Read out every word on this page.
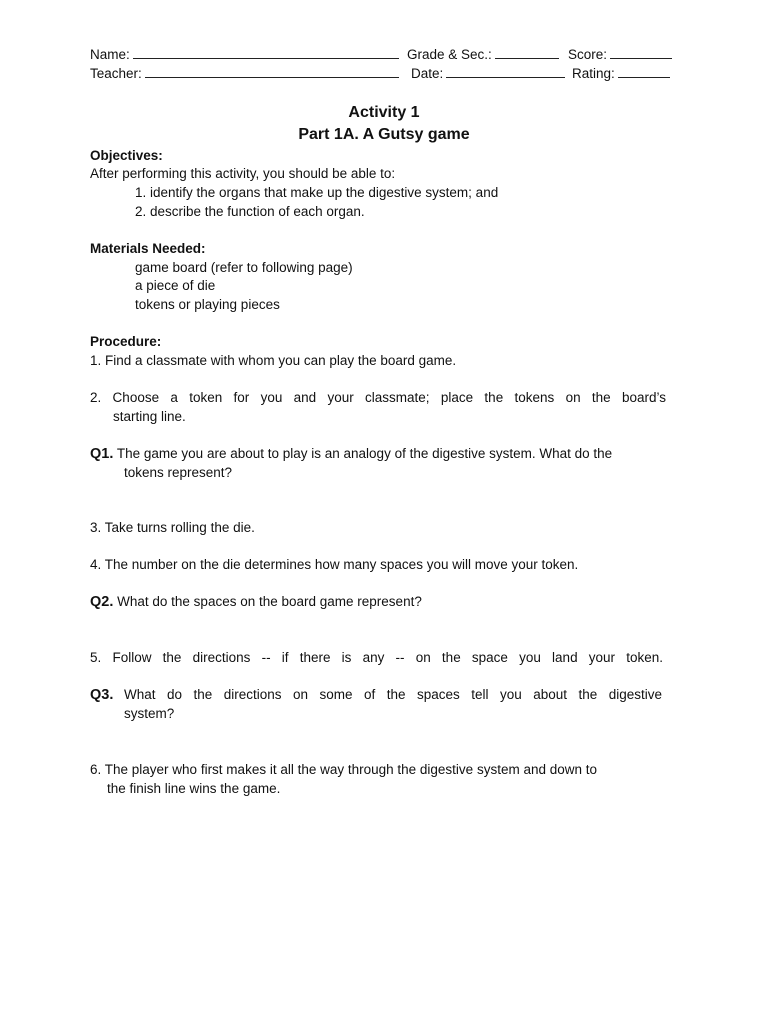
Name:	Grade & Sec.:	Score:
Teacher:	Date:	Rating:
Activity 1
Part 1A. A Gutsy game
Objectives:
After performing this activity, you should be able to:
1. identify the organs that make up the digestive system; and
2. describe the function of each organ.
Materials Needed:
game board (refer to following page)
a piece of die
tokens or playing pieces
Procedure:
1. Find a classmate with whom you can play the board game.
2. Choose a token for you and your classmate; place the tokens on the board’s
starting line.
Q1. The game you are about to play is an analogy of the digestive system. What do the
tokens represent?
3. Take turns rolling the die.
4. The number on the die determines how many spaces you will move your token.
Q2. What do the spaces on the board game represent?
5. Follow the directions -- if there is any -- on the space you land your token.
Q3. What do the directions on some of the spaces tell you about the digestive
system?
6. The player who first makes it all the way through the digestive system and down to
the finish line wins the game.
